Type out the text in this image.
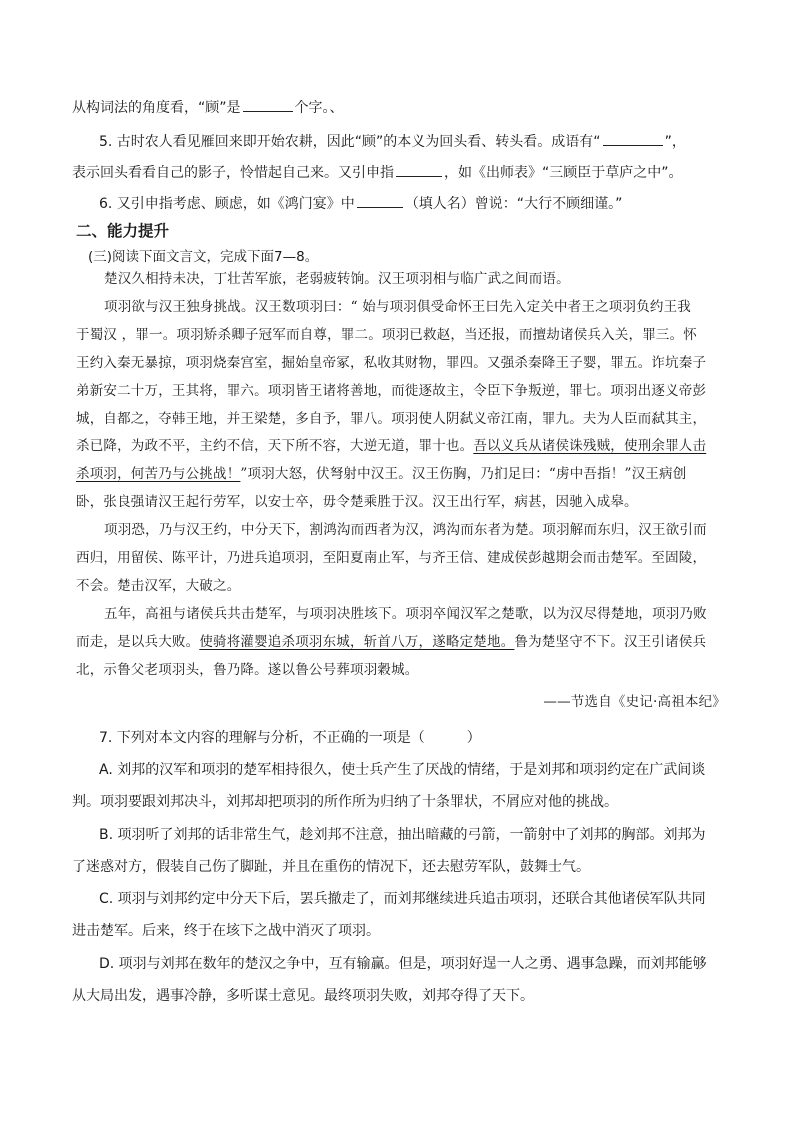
从构词法的角度看，“顾”是	个字。、
5. 古时农人看见雁回来即开始农耕，因此“顾”的本义为回头看、转头看。成语有“	”，
表示回头看看自己的影子，怜惜起自己来。又引申指	，如《出师表》“三顾臣于草庐之中”。
6. 又引申指考虑、顾虑，如《鸿门宴》中	（填人名）曾说：“大行不顾细谨。”
二、能力提升
(三)阅读下面文言文，完成下面7—8。
楚汉久相持未决，丁壮苦军旅，老弱疲转饷。汉王项羽相与临广武之间而语。
项羽欲与汉王独身挑战。汉王数项羽曰：“ 始与项羽俱受命怀王曰先入定关中者王之项羽负约王我
于蜀汉 ，罪一。项羽矫杀卿子冠军而自尊，罪二。项羽已救赵，当还报，而擅劫诸侯兵入关，罪三。怀
王约入秦无暴掠，项羽烧秦宫室，掘始皇帝冢，私收其财物，罪四。又强杀秦降王子婴，罪五。诈坑秦子
弟新安二十万，王其将，罪六。项羽皆王诸将善地，而徙逐故主，令臣下争叛逆，罪七。项羽出逐义帝彭
城，自都之，夺韩王地，并王梁楚，多自予，罪八。项羽使人阴弑义帝江南，罪九。夫为人臣而弑其主，
杀已降，为政不平，主约不信，天下所不容，大逆无道，罪十也。吾以义兵从诸侯诛残贼，使刑余罪人击
杀项羽，何苦乃与公挑战！”项羽大怒，伏弩射中汉王。汉王伤胸，乃扪足曰：“虏中吾指！”汉王病创
卧，张良强请汉王起行劳军，以安士卒，毋令楚乘胜于汉。汉王出行军，病甚，因驰入成皋。
项羽恐，乃与汉王约，中分天下，割鸿沟而西者为汉，鸿沟而东者为楚。项羽解而东归，汉王欲引而
西归，用留侯、陈平计，乃进兵追项羽，至阳夏南止军，与齐王信、建成侯彭越期会而击楚军。至固陵，
不会。楚击汉军，大破之。
五年，高祖与诸侯兵共击楚军，与项羽决胜垓下。项羽卒闻汉军之楚歌，以为汉尽得楚地，项羽乃败
而走，是以兵大败。使骑将灌婴追杀项羽东城，斩首八万，遂略定楚地。鲁为楚坚守不下。汉王引诸侯兵
北，示鲁父老项羽头，鲁乃降。遂以鲁公号葬项羽穀城。
——节选自《史记·高祖本纪》
7. 下列对本文内容的理解与分析，不正确的一项是（　　　）
A. 刘邦的汉军和项羽的楚军相持很久，使士兵产生了厌战的情绪，于是刘邦和项羽约定在广武间谈
判。项羽要跟刘邦决斗，刘邦却把项羽的所作所为归纳了十条罪状，不屑应对他的挑战。
B. 项羽听了刘邦的话非常生气，趁刘邦不注意，抽出暗藏的弓箭，一箭射中了刘邦的胸部。刘邦为
了迷惑对方，假装自己伤了脚趾，并且在重伤的情况下，还去慰劳军队，鼓舞士气。
C. 项羽与刘邦约定中分天下后，罢兵撤走了，而刘邦继续进兵追击项羽，还联合其他诸侯军队共同
进击楚军。后来，终于在垓下之战中消灭了项羽。
D. 项羽与刘邦在数年的楚汉之争中，互有输赢。但是，项羽好逞一人之勇、遇事急躁，而刘邦能够
从大局出发，遇事冷静，多听谋士意见。最终项羽失败，刘邦夺得了天下。
